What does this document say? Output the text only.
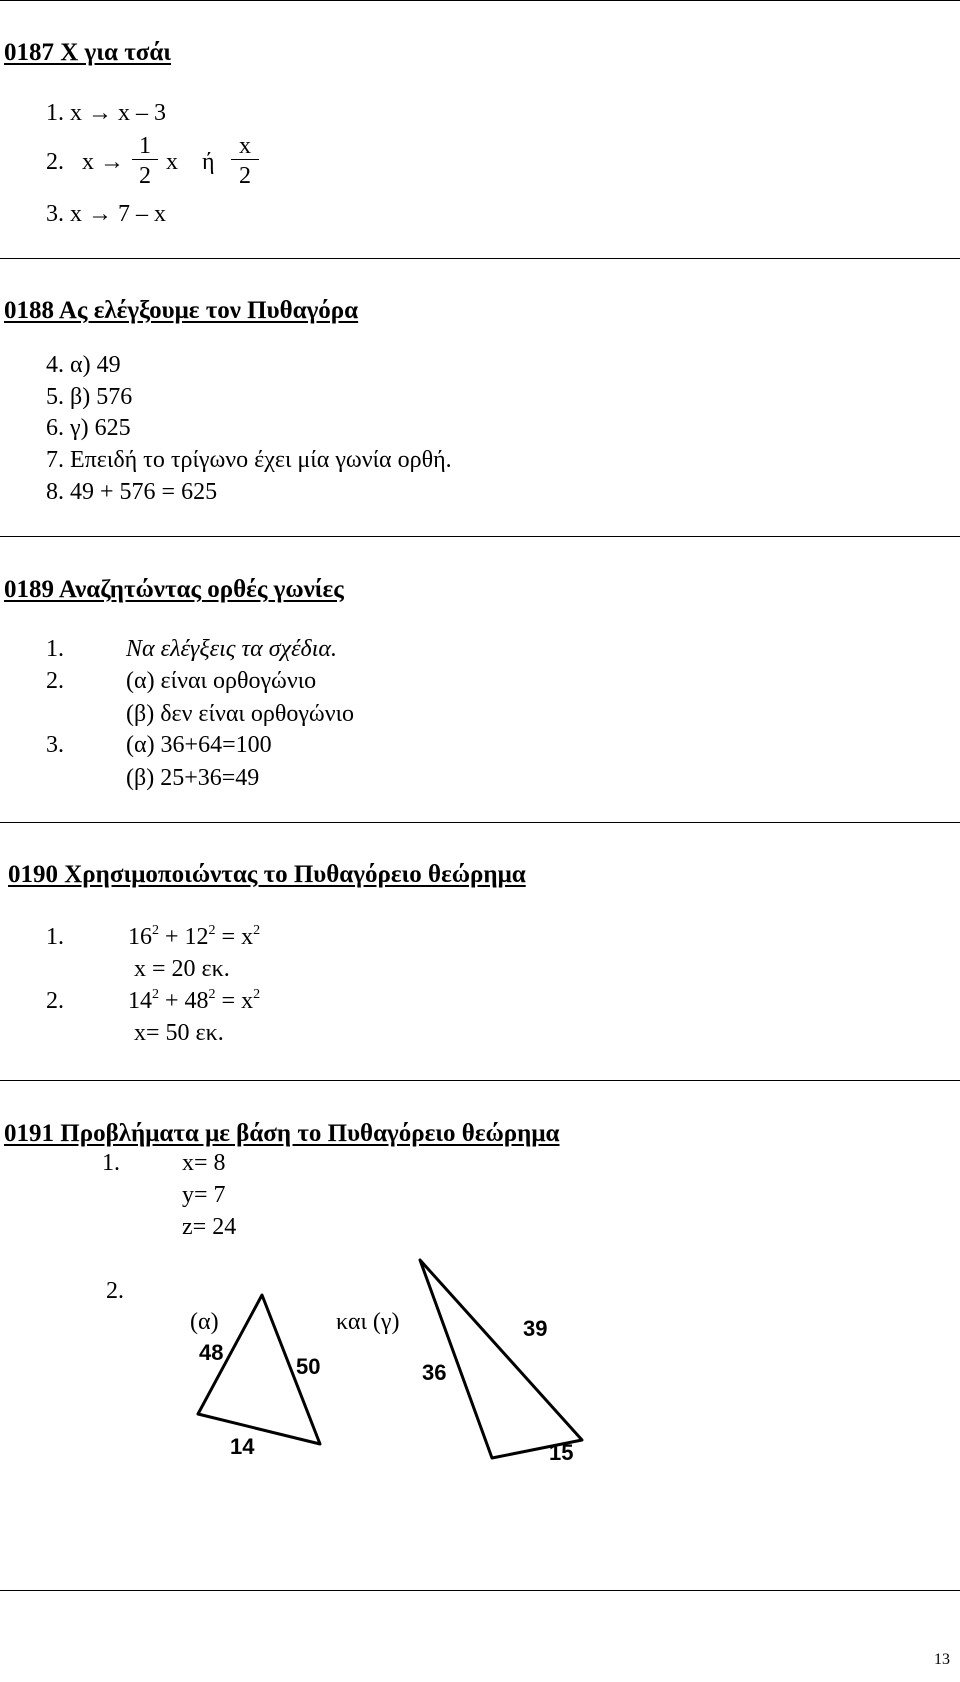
0187 Χ για τσάι
1. x → x – 3
2. x →
1
2
x ή
x
2
3. x → 7 – x
0188 Ας ελέγξουμε τον Πυθαγόρα
4. α) 49
5. β) 576
6. γ) 625
7. Επειδή το τρίγωνο έχει μία γωνία ορθή.
8. 49 + 576 = 625
0189 Αναζητώντας ορθές γωνίες
1.	Να ελέγξεις τα σχέδια.
2.	(α) είναι ορθογώνιο
(β) δεν είναι ορθογώνιο
3.	(α) 36+64=100
(β) 25+36=49
0190 Χρησιμοποιώντας το Πυθαγόρειο θεώρημα
1.	$16^2 + 12^2 = x^2$
x = 20 εκ.
2.	$14^2 + 48^2 = x^2$
x= 50 εκ.
0191 Προβλήματα με βάση το Πυθαγόρειο θεώρημα
1.	x= 8
y= 7
z= 24
2.
(α)	και (γ)
48
50
14
36
39
15
13
